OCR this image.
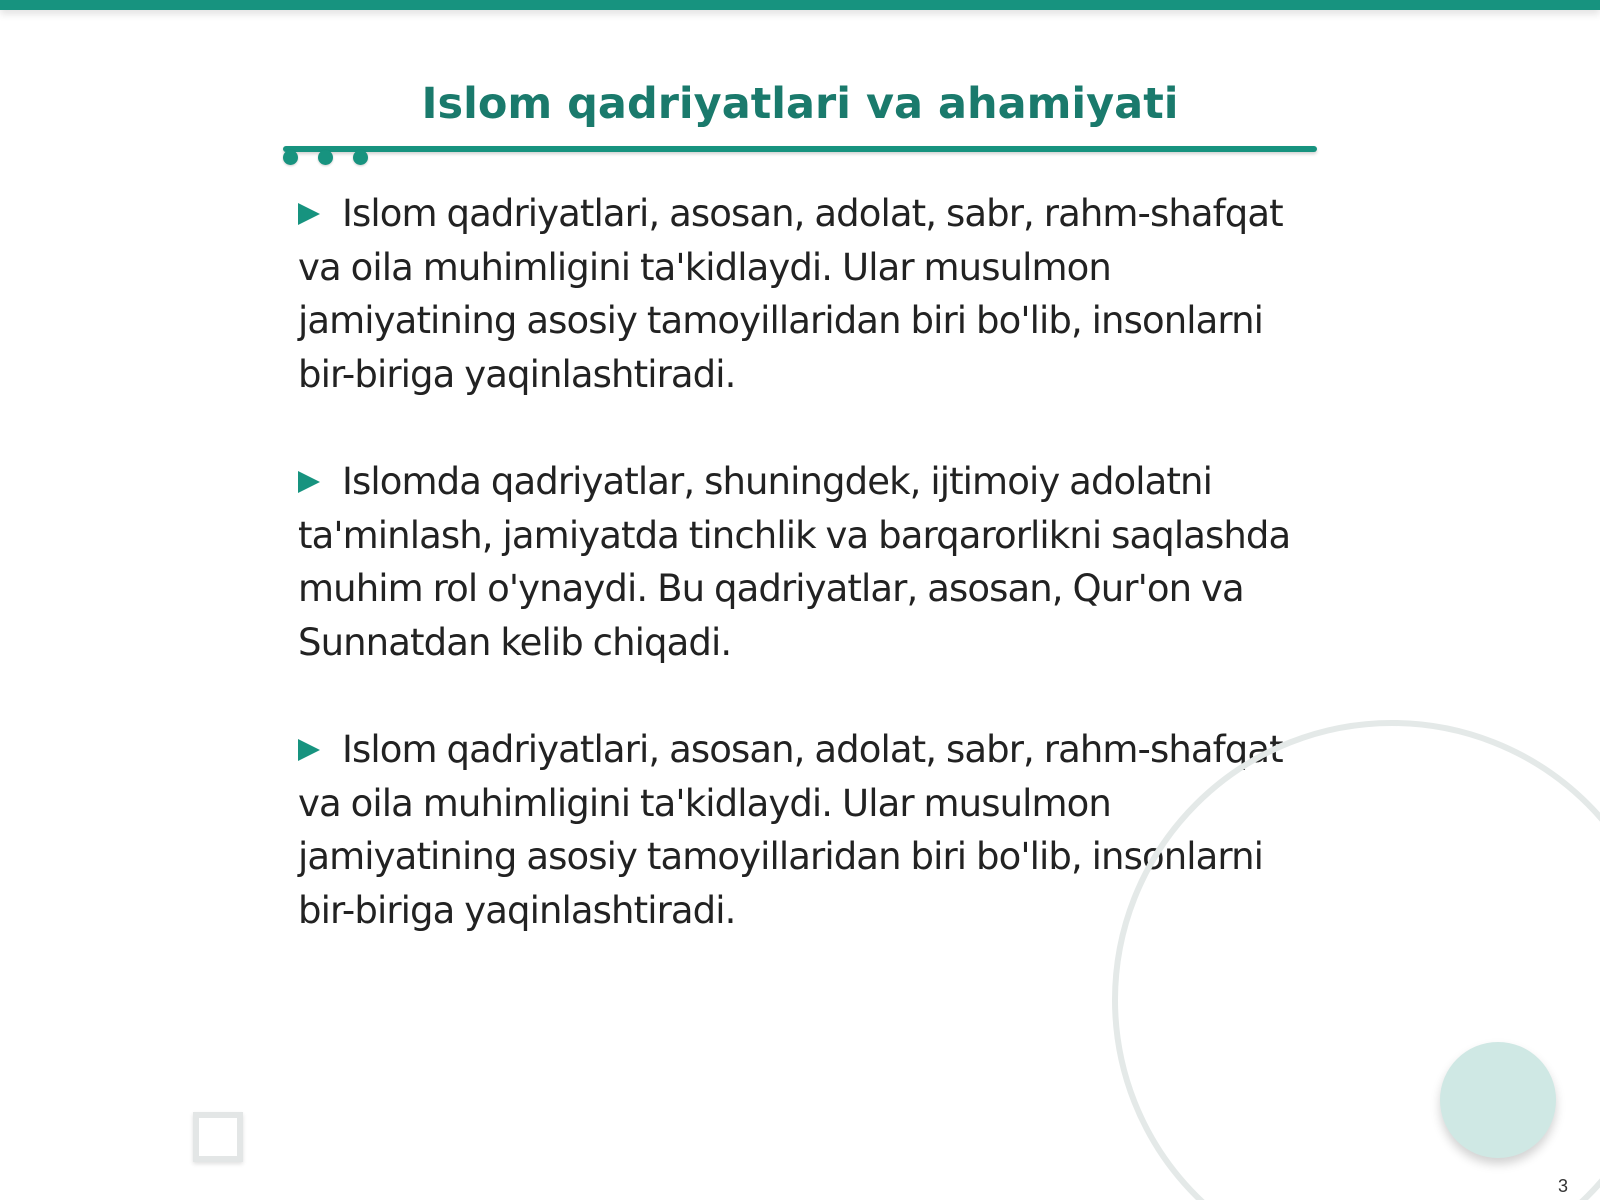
Islom qadriyatlari va ahamiyati

Islom qadriyatlari, asosan, adolat, sabr, rahm-shafqat va oila muhimligini ta'kidlaydi. Ular musulmon jamiyatining asosiy tamoyillaridan biri bo'lib, insonlarni bir-biriga yaqinlashtiradi.

Islomda qadriyatlar, shuningdek, ijtimoiy adolatni ta'minlash, jamiyatda tinchlik va barqarorlikni saqlashda muhim rol o'ynaydi. Bu qadriyatlar, asosan, Qur'on va Sunnatdan kelib chiqadi.

Islom qadriyatlari, asosan, adolat, sabr, rahm-shafqat va oila muhimligini ta'kidlaydi. Ular musulmon jamiyatining asosiy tamoyillaridan biri bo'lib, insonlarni bir-biriga yaqinlashtiradi.

3
